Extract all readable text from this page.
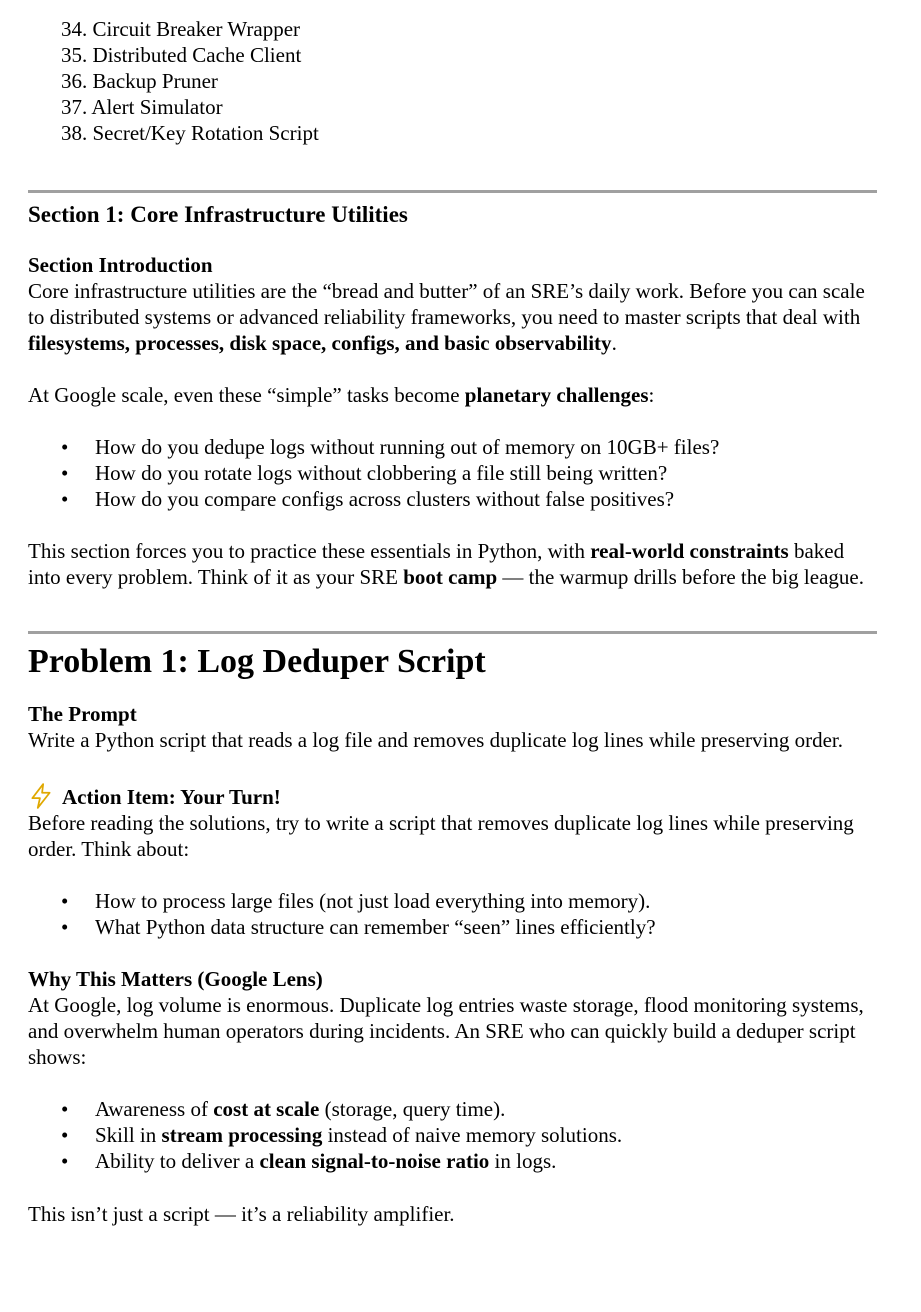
34. Circuit Breaker Wrapper
35. Distributed Cache Client
36. Backup Pruner
37. Alert Simulator
38. Secret/Key Rotation Script
Section 1: Core Infrastructure Utilities
Section Introduction

Core infrastructure utilities are the “bread and butter” of an SRE’s daily work. Before you can scale to distributed systems or advanced reliability frameworks, you need to master scripts that deal with filesystems, processes, disk space, configs, and basic observability.

At Google scale, even these “simple” tasks become planetary challenges:

• How do you dedupe logs without running out of memory on 10GB+ files?
• How do you rotate logs without clobbering a file still being written?
• How do you compare configs across clusters without false positives?

This section forces you to practice these essentials in Python, with real-world constraints baked into every problem. Think of it as your SRE boot camp — the warmup drills before the big league.

Problem 1: Log Deduper Script
The Prompt

Write a Python script that reads a log file and removes duplicate log lines while preserving order.

Action Item: Your Turn!

Before reading the solutions, try to write a script that removes duplicate log lines while preserving order. Think about:

• How to process large files (not just load everything into memory).
• What Python data structure can remember “seen” lines efficiently?
Why This Matters (Google Lens)

At Google, log volume is enormous. Duplicate log entries waste storage, flood monitoring systems, and overwhelm human operators during incidents. An SRE who can quickly build a deduper script shows:

• Awareness of cost at scale (storage, query time).
• Skill in stream processing instead of naive memory solutions.
• Ability to deliver a clean signal-to-noise ratio in logs.

This isn’t just a script — it’s a reliability amplifier.
